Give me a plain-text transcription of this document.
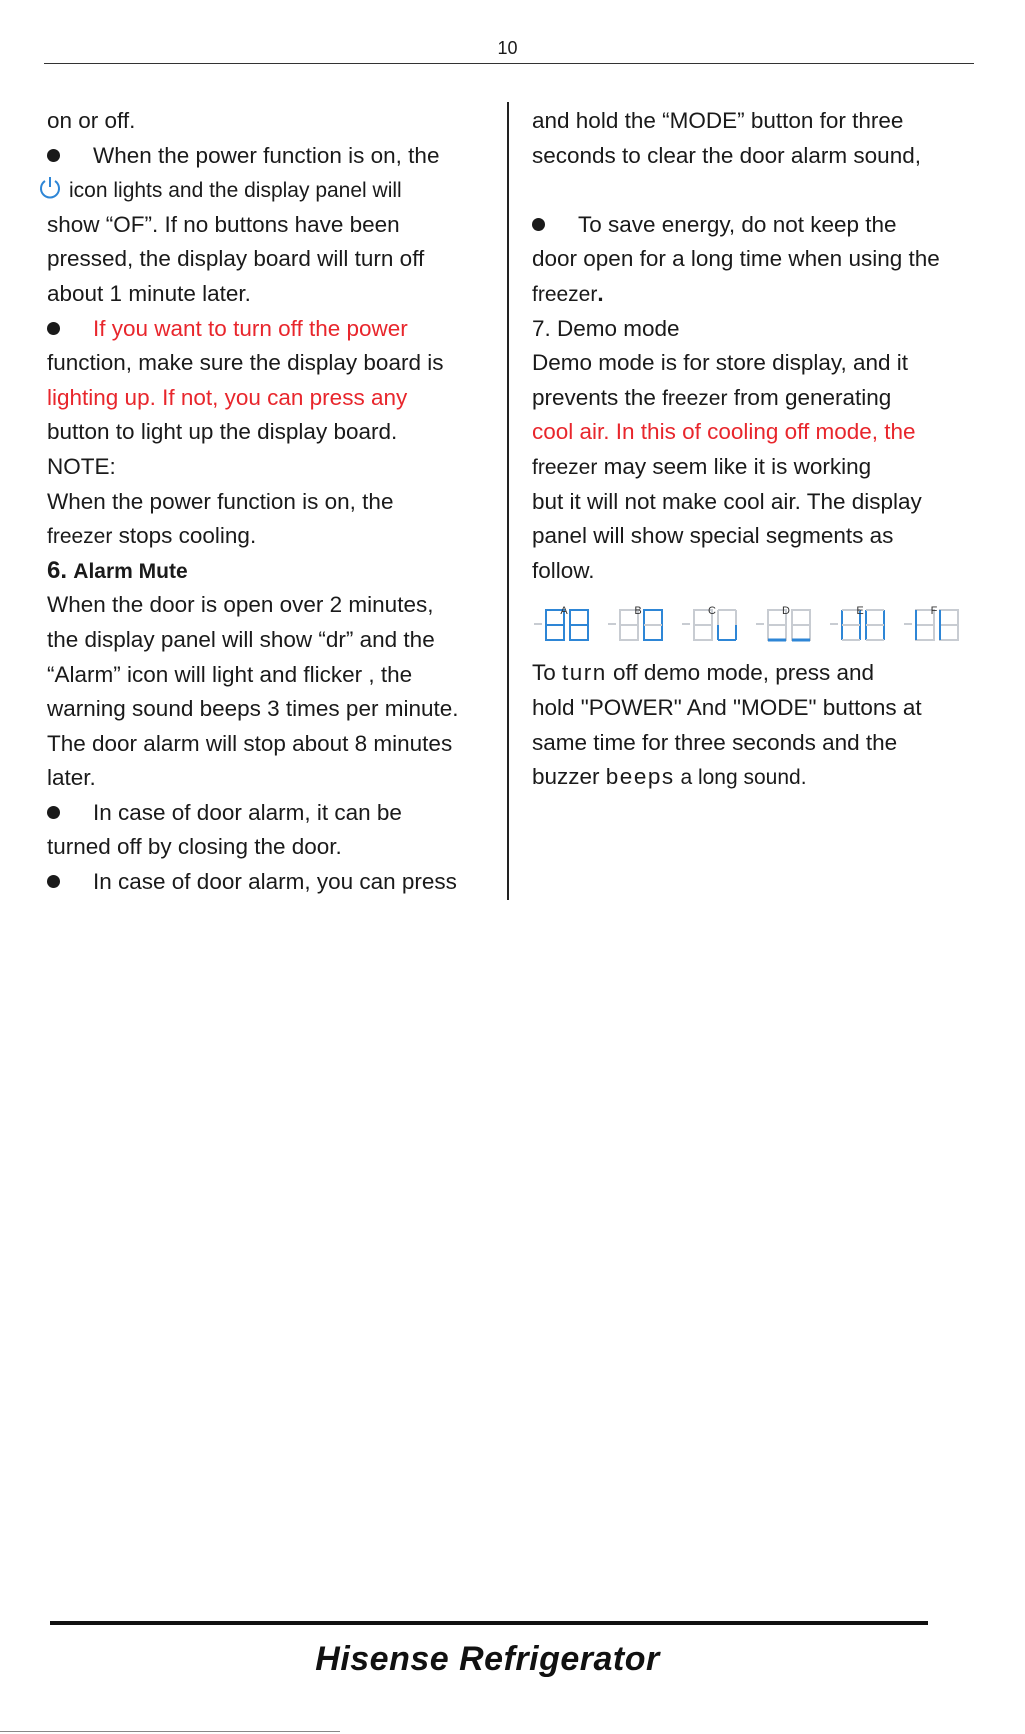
10
on or off.
When the power function is on, the
icon lights and the display panel will
show “OF”. If no buttons have been
pressed, the display board will turn off
about 1 minute later.
If you want to turn off the power
function, make sure the display board is
lighting up. If not, you can press any
button to light up the display board.
NOTE:
When the power function is on, the
freezer stops cooling.
6. Alarm Mute
When the door is open over 2 minutes,
the display panel will show “dr” and the
“Alarm” icon will light and flicker , the
warning sound beeps 3 times per minute.
The door alarm will stop about 8 minutes
later.
In case of door alarm, it can be
turned off by closing the door.
In case of door alarm, you can press
and hold the “MODE” button for three
seconds to clear the door alarm sound,
To save energy, do not keep the
door open for a long time when using the
freezer.
7. Demo mode
Demo mode is for store display, and it
prevents the freezer from generating
cool air. In this of cooling off mode, the
freezer may seem like it is working
but it will not make cool air. The display
panel will show special segments as
follow.
A	B	C	D	E	F
To turn off demo mode, press and
hold "POWER" And "MODE" buttons at
same time for three seconds and the
buzzer beeps a long sound.
Hisense Refrigerator
